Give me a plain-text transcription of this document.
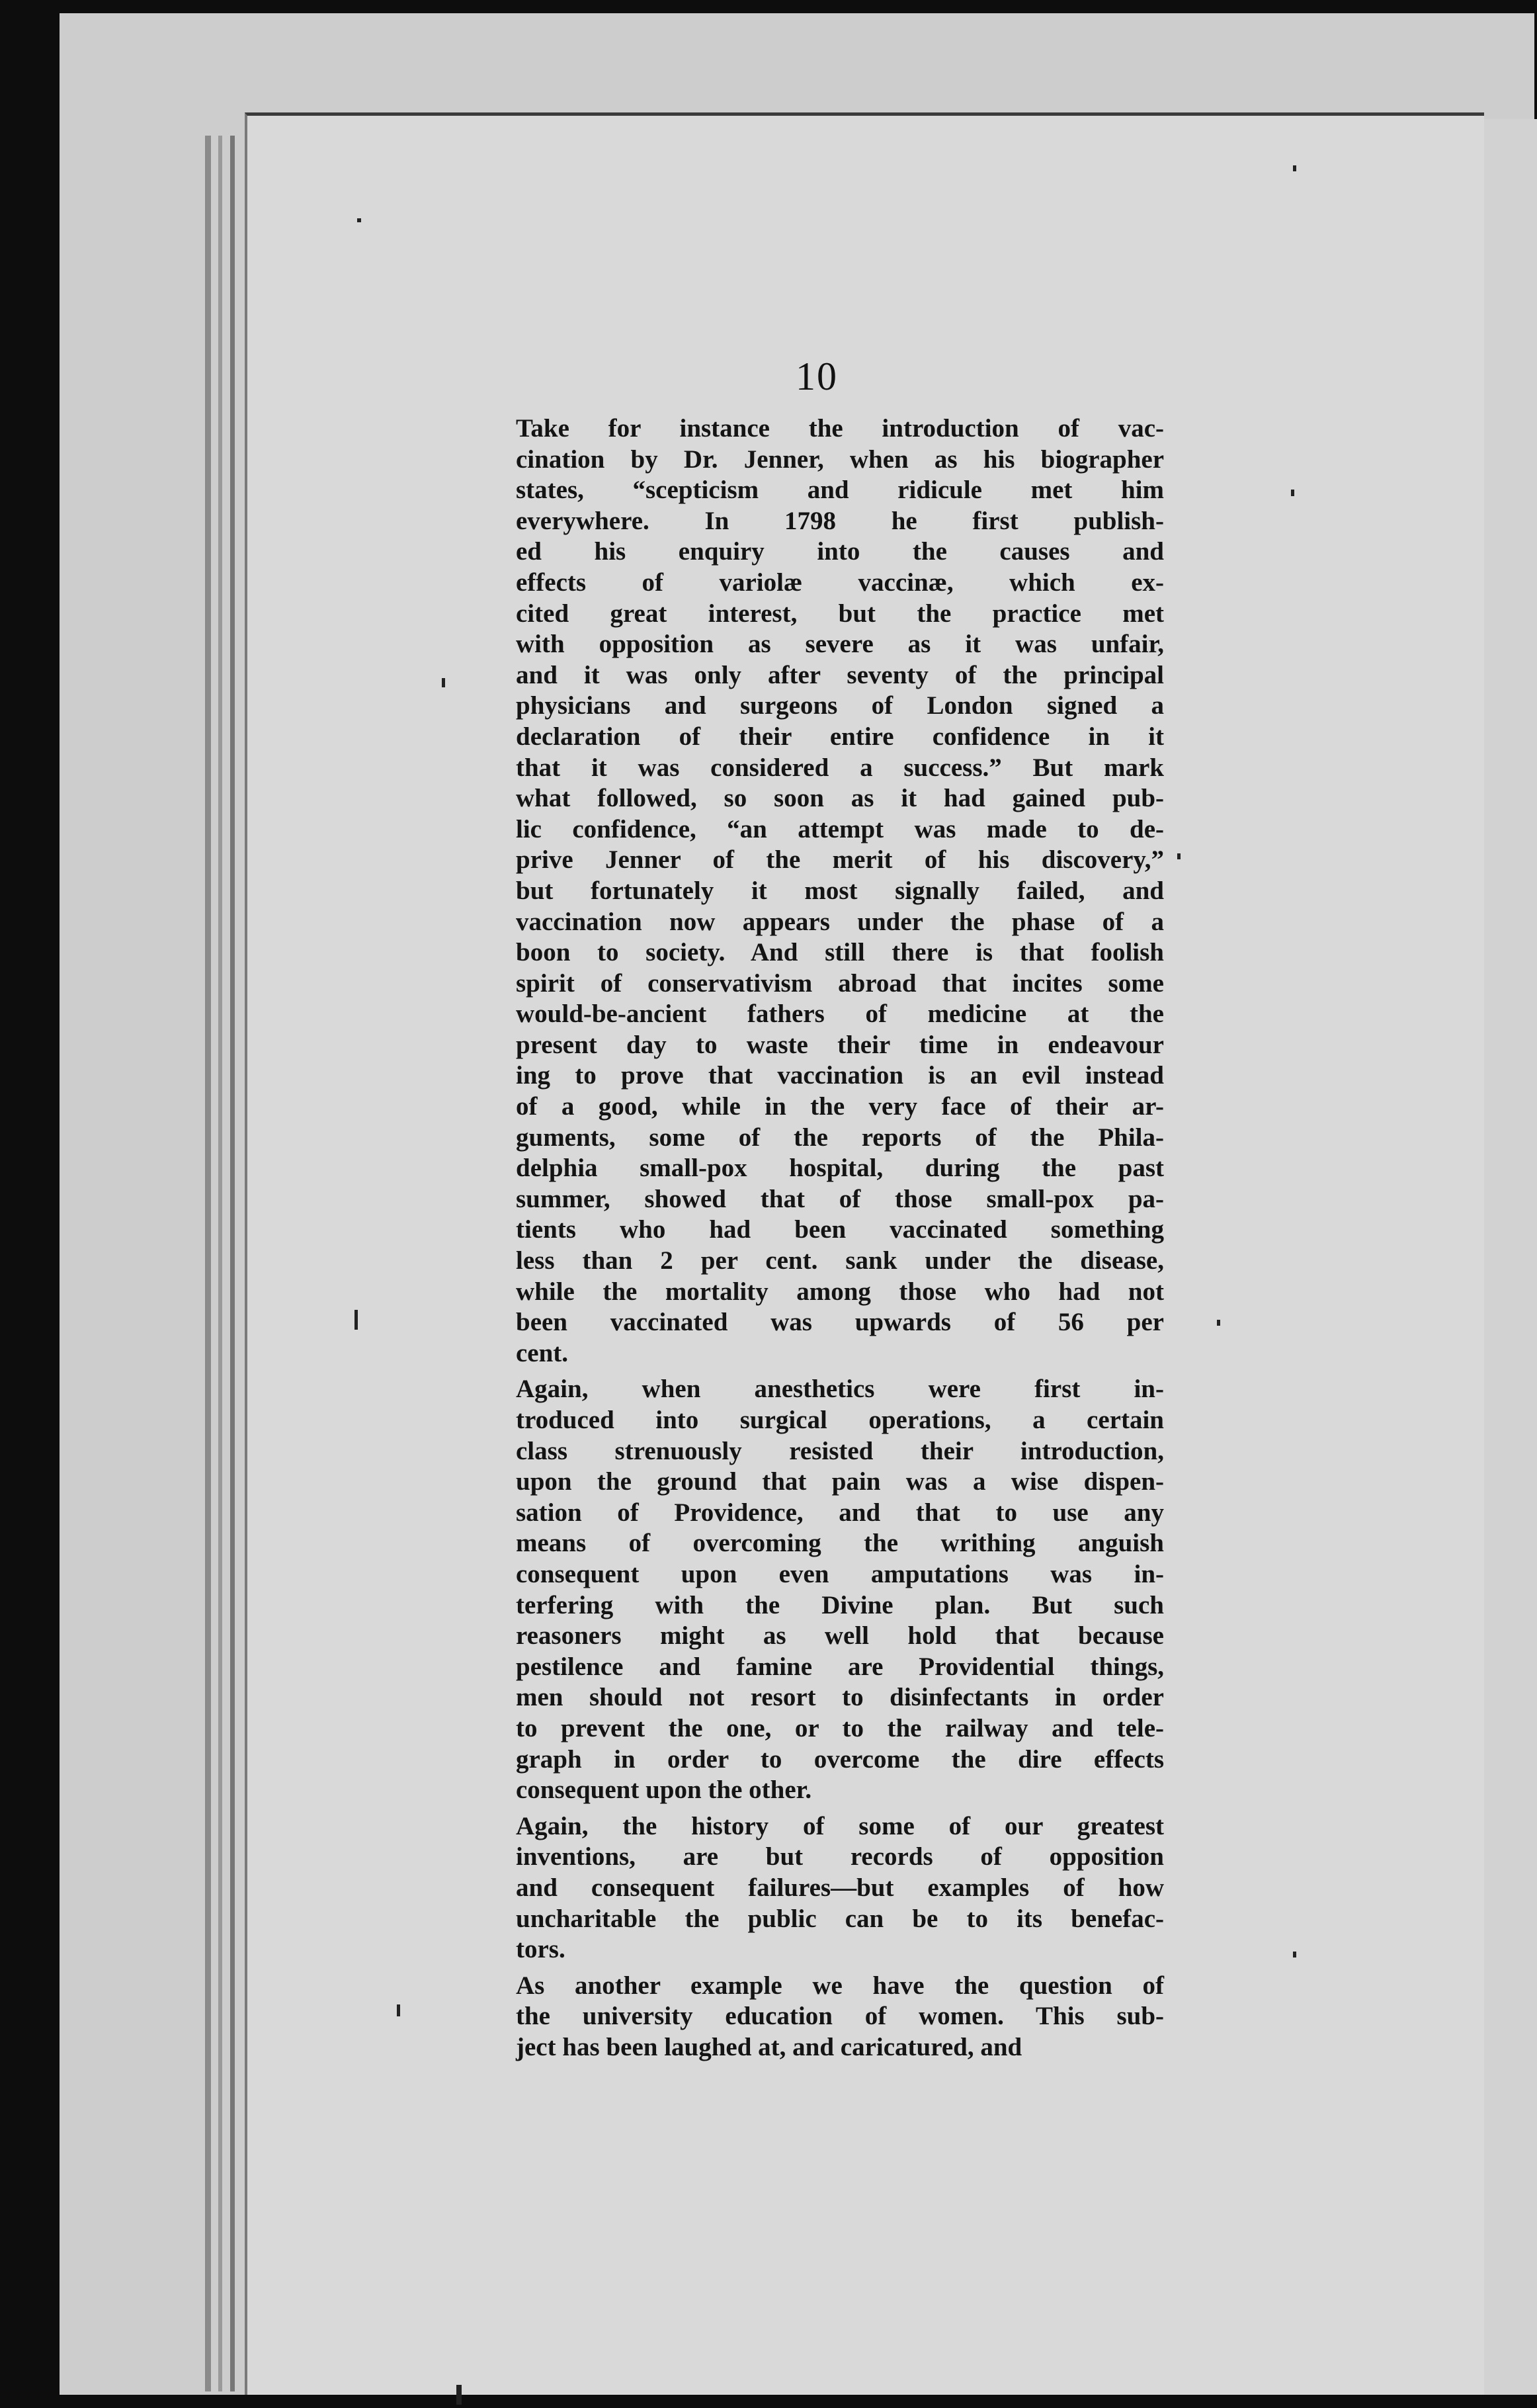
10

Take for instance the introduction of vac-
cination by Dr. Jenner, when as his biographer
states, “scepticism and ridicule met him
everywhere. In 1798 he first publish-
ed his enquiry into the causes and
effects of variolæ vaccinæ, which ex-
cited great interest, but the practice met
with opposition as severe as it was unfair,
and it was only after seventy of the principal
physicians and surgeons of London signed a
declaration of their entire confidence in it
that it was considered a success.” But mark
what followed, so soon as it had gained pub-
lic confidence, “an attempt was made to de-
prive Jenner of the merit of his discovery,”
but fortunately it most signally failed, and
vaccination now appears under the phase of a
boon to society. And still there is that foolish
spirit of conservativism abroad that incites some
would-be-ancient fathers of medicine at the
present day to waste their time in endeavour
ing to prove that vaccination is an evil instead
of a good, while in the very face of their ar-
guments, some of the reports of the Phila-
delphia small-pox hospital, during the past
summer, showed that of those small-pox pa-
tients who had been vaccinated something
less than 2 per cent. sank under the disease,
while the mortality among those who had not
been vaccinated was upwards of 56 per
cent.

Again, when anesthetics were first in-
troduced into surgical operations, a certain
class strenuously resisted their introduction,
upon the ground that pain was a wise dispen-
sation of Providence, and that to use any
means of overcoming the writhing anguish
consequent upon even amputations was in-
terfering with the Divine plan. But such
reasoners might as well hold that because
pestilence and famine are Providential things,
men should not resort to disinfectants in order
to prevent the one, or to the railway and tele-
graph in order to overcome the dire effects
consequent upon the other.

Again, the history of some of our greatest
inventions, are but records of opposition
and consequent failures—but examples of how
uncharitable the public can be to its benefac-
tors.

As another example we have the question of
the university education of women. This sub-
ject has been laughed at, and caricatured, and
